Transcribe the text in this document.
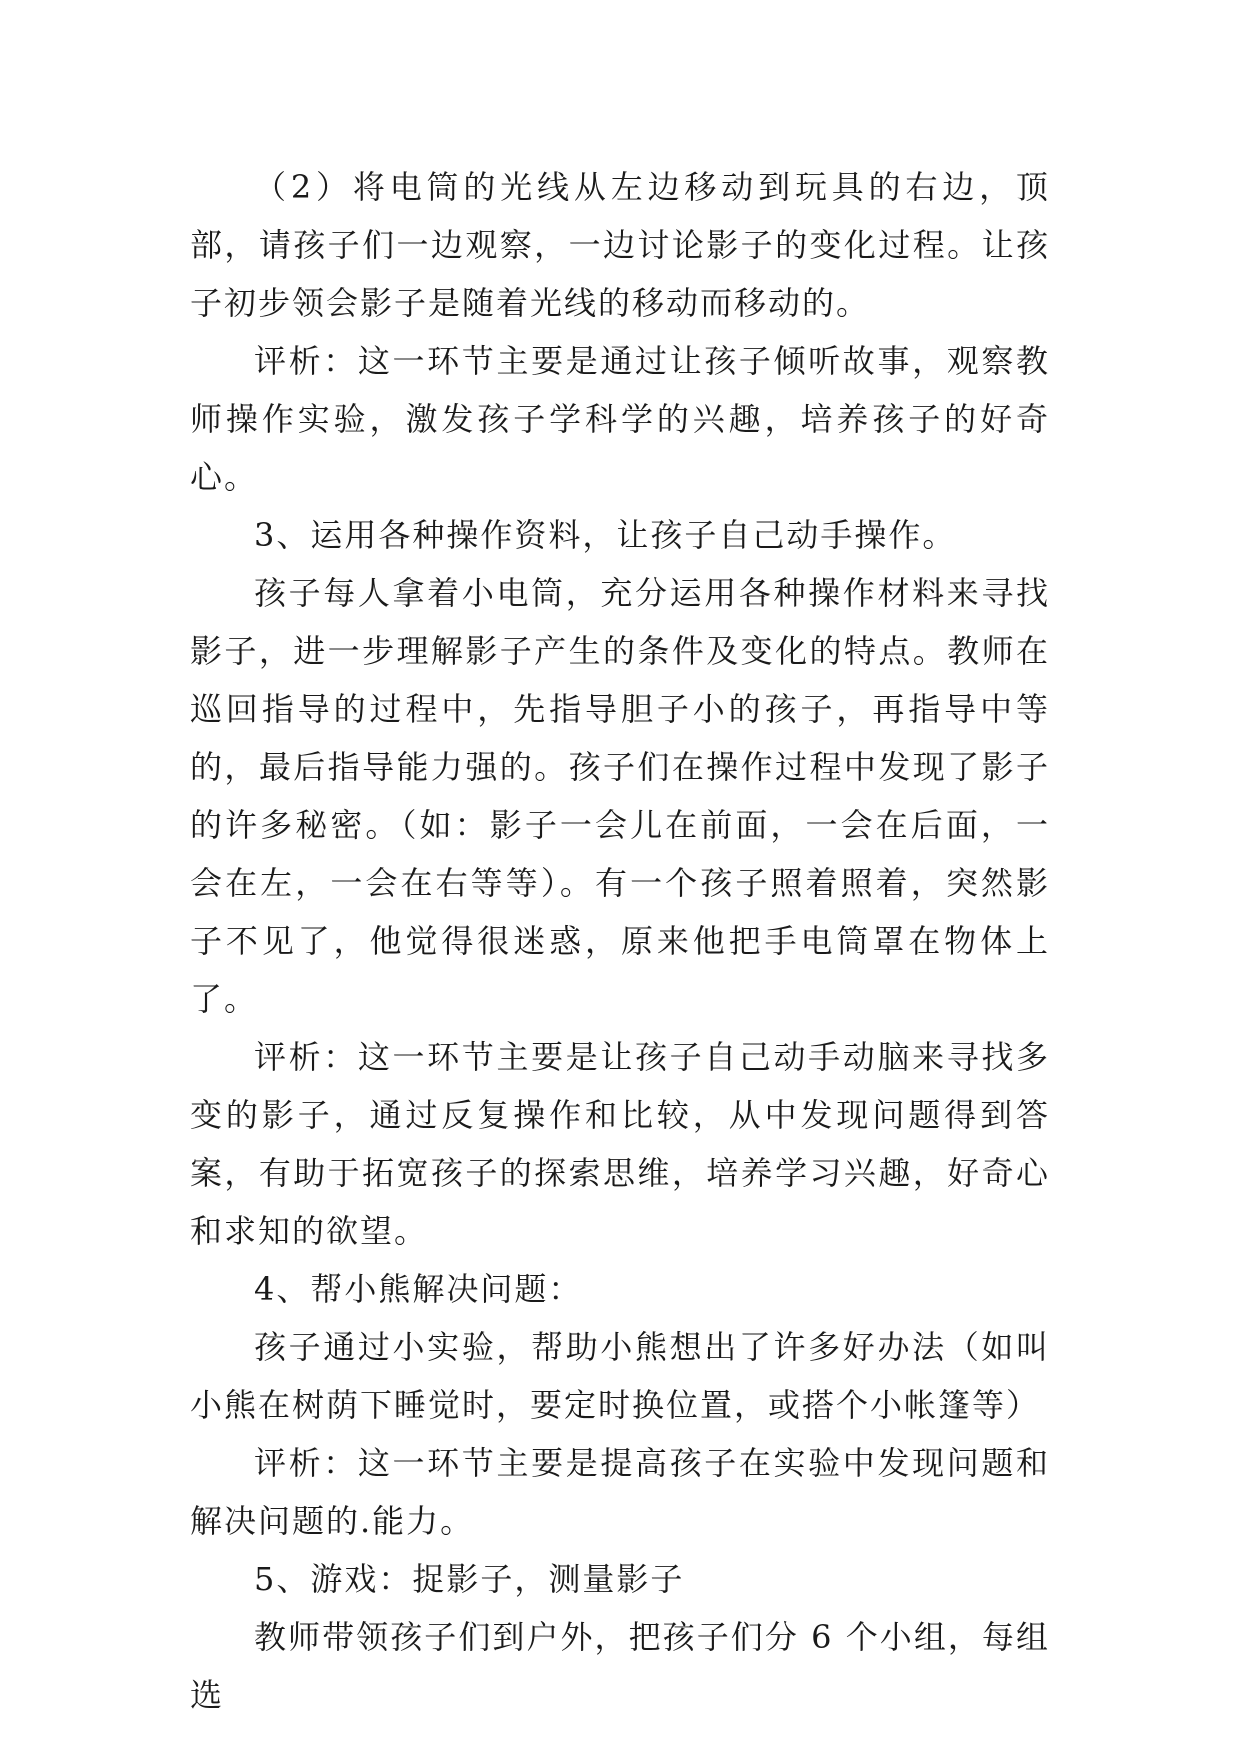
（2）将电筒的光线从左边移动到玩具的右边，顶部，请孩子们一边观察，一边讨论影子的变化过程。让孩子初步领会影子是随着光线的移动而移动的。

评析：这一环节主要是通过让孩子倾听故事，观察教师操作实验，激发孩子学科学的兴趣，培养孩子的好奇心。

3、运用各种操作资料，让孩子自己动手操作。

孩子每人拿着小电筒，充分运用各种操作材料来寻找影子，进一步理解影子产生的条件及变化的特点。教师在巡回指导的过程中，先指导胆子小的孩子，再指导中等的，最后指导能力强的。孩子们在操作过程中发现了影子的许多秘密。（如：影子一会儿在前面，一会在后面，一会在左，一会在右等等）。有一个孩子照着照着，突然影子不见了，他觉得很迷惑，原来他把手电筒罩在物体上了。

评析：这一环节主要是让孩子自己动手动脑来寻找多变的影子，通过反复操作和比较，从中发现问题得到答案，有助于拓宽孩子的探索思维，培养学习兴趣，好奇心和求知的欲望。

4、帮小熊解决问题：

孩子通过小实验，帮助小熊想出了许多好办法（如叫小熊在树荫下睡觉时，要定时换位置，或搭个小帐篷等）

评析：这一环节主要是提高孩子在实验中发现问题和解决问题的.能力。

5、游戏：捉影子，测量影子

教师带领孩子们到户外，把孩子们分 6 个小组，每组选
